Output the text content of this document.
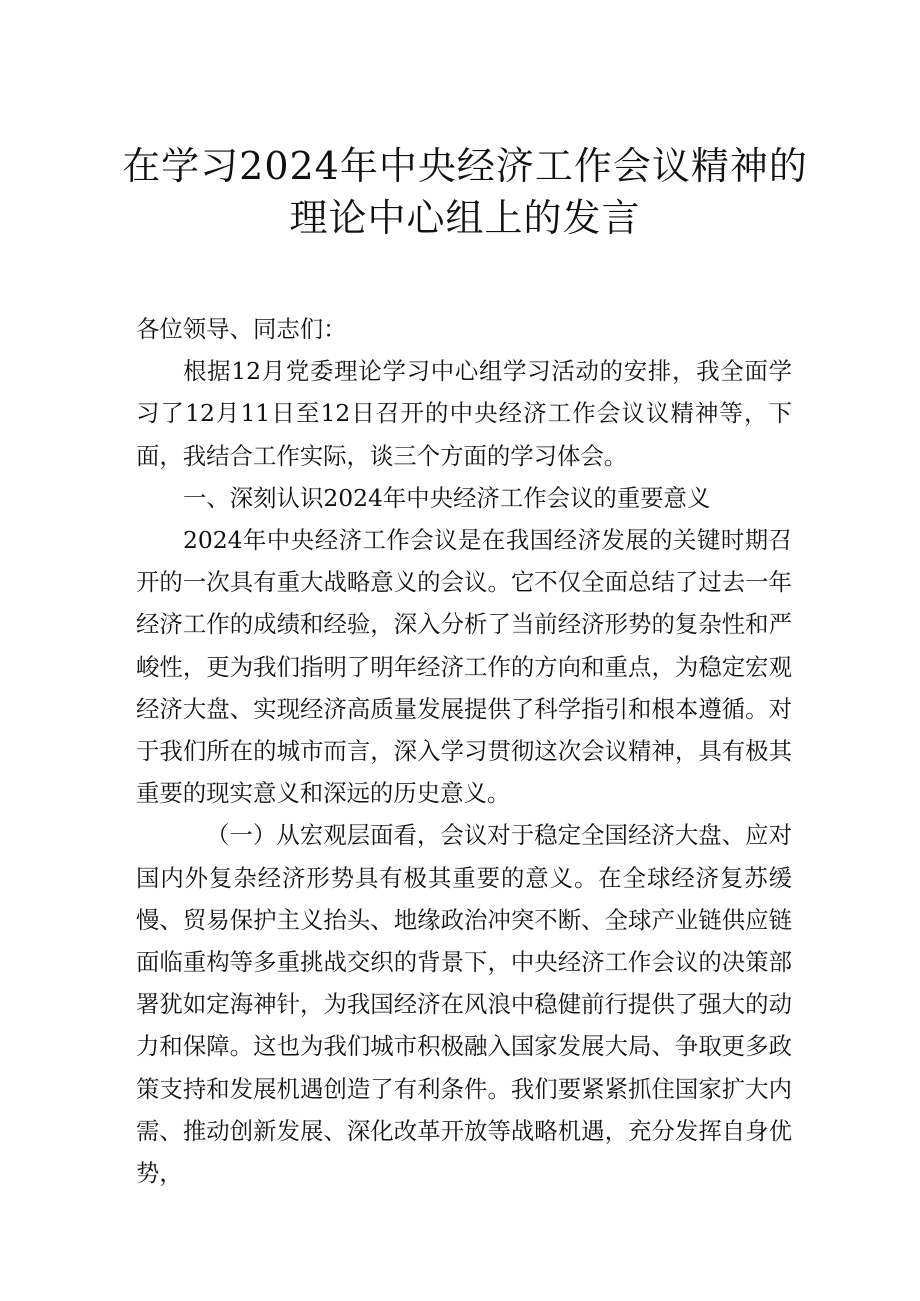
在学习2024年中央经济工作会议精神的理论中心组上的发言

各位领导、同志们：

根据12月党委理论学习中心组学习活动的安排，我全面学习了12月11日至12日召开的中央经济工作会议议精神等，下面，我结合工作实际，谈三个方面的学习体会。

一、深刻认识2024年中央经济工作会议的重要意义

2024年中央经济工作会议是在我国经济发展的关键时期召开的一次具有重大战略意义的会议。它不仅全面总结了过去一年经济工作的成绩和经验，深入分析了当前经济形势的复杂性和严峻性，更为我们指明了明年经济工作的方向和重点，为稳定宏观经济大盘、实现经济高质量发展提供了科学指引和根本遵循。对于我们所在的城市而言，深入学习贯彻这次会议精神，具有极其重要的现实意义和深远的历史意义。

（一）从宏观层面看，会议对于稳定全国经济大盘、应对国内外复杂经济形势具有极其重要的意义。在全球经济复苏缓慢、贸易保护主义抬头、地缘政治冲突不断、全球产业链供应链面临重构等多重挑战交织的背景下，中央经济工作会议的决策部署犹如定海神针，为我国经济在风浪中稳健前行提供了强大的动力和保障。这也为我们城市积极融入国家发展大局、争取更多政策支持和发展机遇创造了有利条件。我们要紧紧抓住国家扩大内需、推动创新发展、深化改革开放等战略机遇，充分发挥自身优势，
